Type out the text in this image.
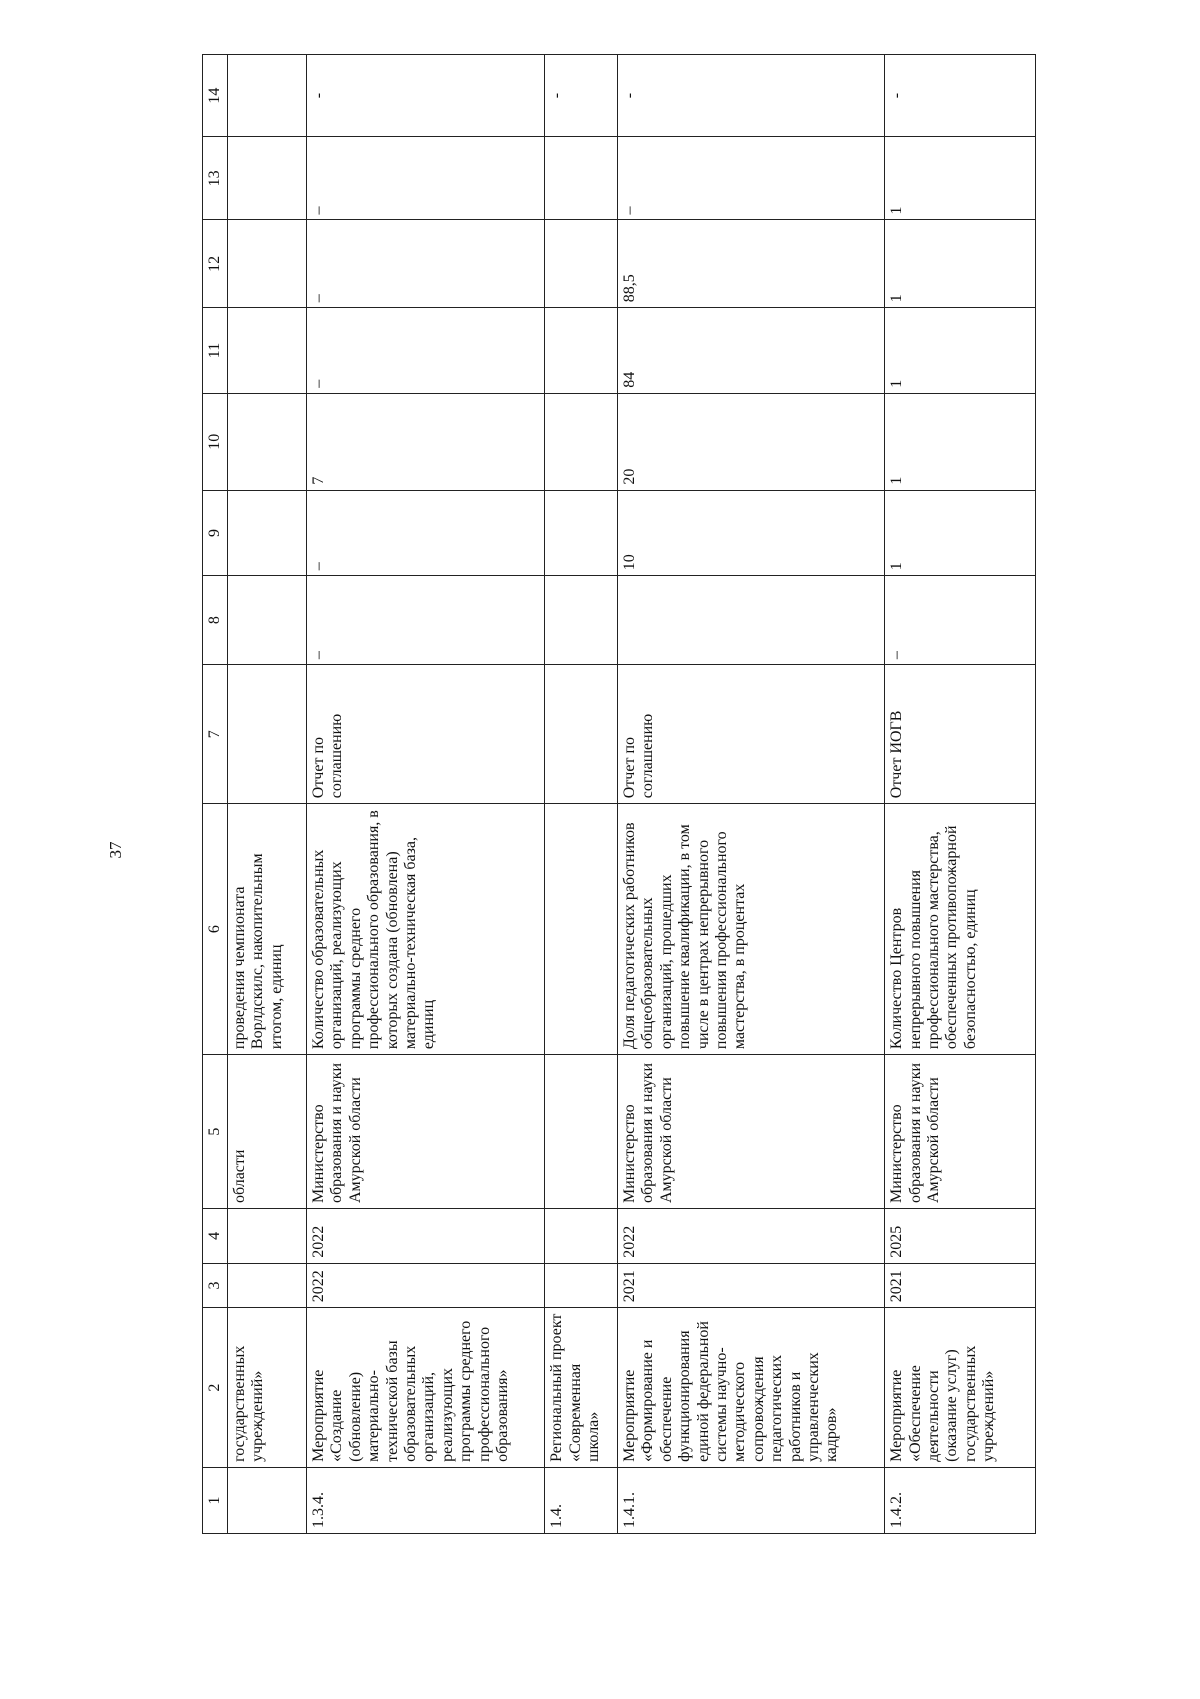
37
1	2	3	4	5	6	7	8	9	10	11	12	13	14
	государственных учреждений»			области	проведения чемпионата Ворлдскилс, накопительным итогом, единиц								
1.3.4.	Мероприятие «Создание (обновление) материально-технической базы образовательных организаций, реализующих программы среднего профессионального образования»	2022	2022	Министерство образования и науки Амурской области	Количество образовательных организаций, реализующих программы среднего профессионального образования, в которых создана (обновлена) материально-техническая база, единиц	Отчет по соглашению	–	–	7	–	–	–	-
1.4.	Региональный проект «Современная школа»												-
1.4.1.	Мероприятие «Формирование и обеспечение функционирования единой федеральной системы научно-методического сопровождения педагогических работников и управленческих кадров»	2021	2022	Министерство образования и науки Амурской области	Доля педагогических работников общеобразовательных организаций, прошедших повышение квалификации, в том числе в центрах непрерывного повышения профессионального мастерства, в процентах	Отчет по соглашению		10	20	84	88,5	–	-
1.4.2.	Мероприятие «Обеспечение деятельности (оказание услуг) государственных учреждений»	2021	2025	Министерство образования и науки Амурской области	Количество Центров непрерывного повышения профессионального мастерства, обеспеченных противопожарной безопасностью, единиц	Отчет ИОГВ	–	1	1	1	1	1	-
